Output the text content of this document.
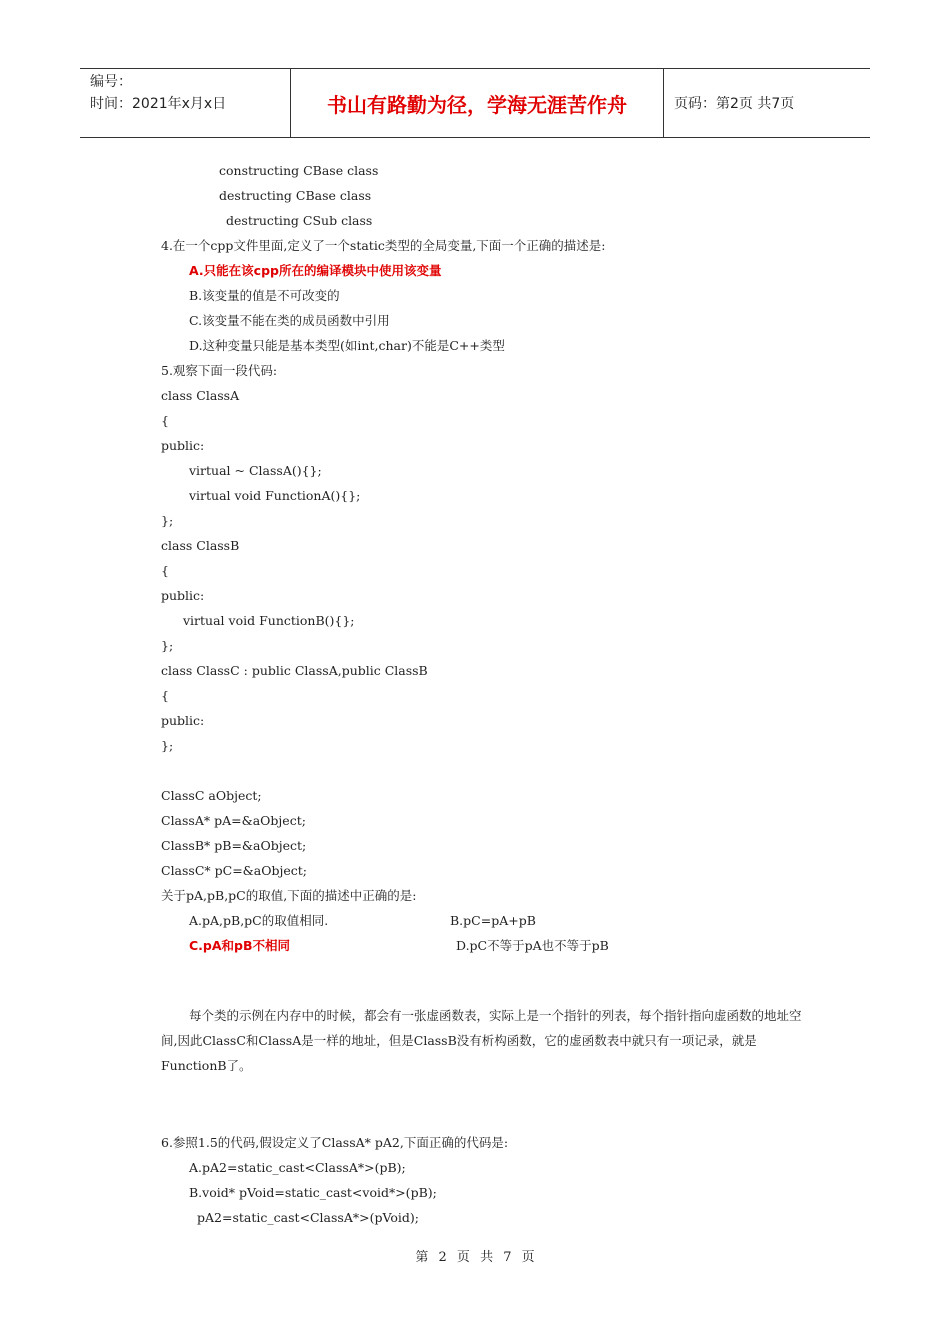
编号：
时间：2021年x月x日	书山有路勤为径，学海无涯苦作舟	页码：第2页 共7页
每个类的示例在内存中的时候，都会有一张虚函数表，实际上是一个指针的列表，每个指针指向虚函数的地址空间,因此ClassC和ClassA是一样的地址，但是ClassB没有析构函数，它的虚函数表中就只有一项记录，就是FunctionB了。
constructing CBase class
destructing CBase class
destructing CSub class
4.在一个cpp文件里面,定义了一个static类型的全局变量,下面一个正确的描述是:
A.只能在该cpp所在的编译模块中使用该变量
B.该变量的值是不可改变的
C.该变量不能在类的成员函数中引用
D.这种变量只能是基本类型(如int,char)不能是C++类型
5.观察下面一段代码:
class ClassA
{
public:
virtual ~ ClassA(){};
virtual void FunctionA(){};
};
class ClassB
{
public:
virtual void FunctionB(){};
};
class ClassC : public ClassA,public ClassB
{
public:
};
ClassC aObject;
ClassA* pA=&aObject;
ClassB* pB=&aObject;
ClassC* pC=&aObject;
关于pA,pB,pC的取值,下面的描述中正确的是:
A.pA,pB,pC的取值相同.	B.pC=pA+pB
C.pA和pB不相同	D.pC不等于pA也不等于pB
6.参照1.5的代码,假设定义了ClassA* pA2,下面正确的代码是:
A.pA2=static_cast<ClassA*>(pB);
B.void* pVoid=static_cast<void*>(pB);
pA2=static_cast<ClassA*>(pVoid);
第 2 页 共 7 页
